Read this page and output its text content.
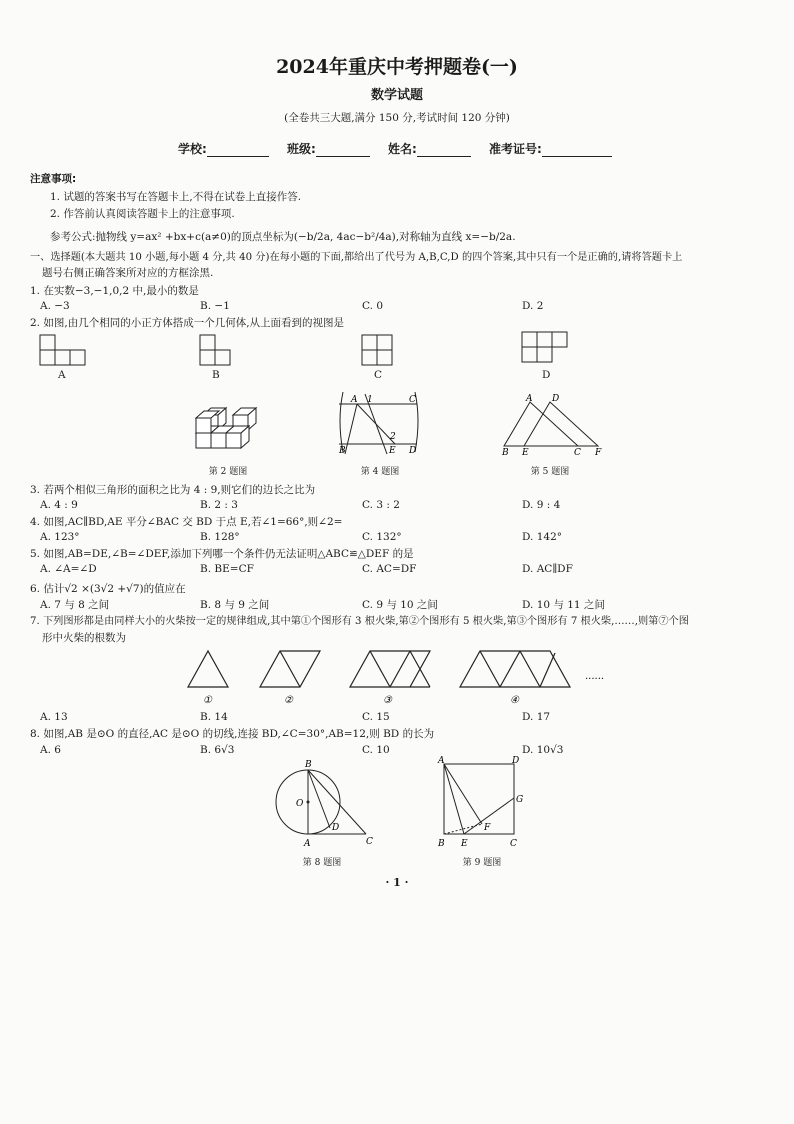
2024年重庆中考押题卷(一)
数学试题
(全卷共三大题,满分 150 分,考试时间 120 分钟)
学校:	班级:	姓名:	准考证号:
注意事项:
1. 试题的答案书写在答题卡上,不得在试卷上直接作答.
2. 作答前认真阅读答题卡上的注意事项.
参考公式:抛物线 y=ax² +bx+c(a≠0)的顶点坐标为(−b/2a, 4ac−b²/4a),对称轴为直线 x=−b/2a.
一、选择题(本大题共 10 小题,每小题 4 分,共 40 分)在每小题的下面,都给出了代号为 A,B,C,D 的四个答案,其中只有一个是正确的,请将答题卡上
题号右侧正确答案所对应的方框涂黑.
1. 在实数−3,−1,0,2 中,最小的数是
A. −3	B. −1	C. 0	D. 2
2. 如图,由几个相同的小正方体搭成一个几何体,从上面看到的视图是
A	B	C	D
第 2 题图
A 1	C
2
B	E D
第 4 题图
A D
B E	C F
第 5 题图
3. 若两个相似三角形的面积之比为 4 : 9,则它们的边长之比为
A. 4 : 9	B. 2 : 3	C. 3 : 2	D. 9 : 4
4. 如图,AC∥BD,AE 平分∠BAC 交 BD 于点 E,若∠1=66°,则∠2=
A. 123°	B. 128°	C. 132°	D. 142°
5. 如图,AB=DE,∠B=∠DEF,添加下列哪一个条件仍无法证明△ABC≌△DEF 的是
A. ∠A=∠D	B. BE=CF	C. AC=DF	D. AC∥DF
6. 估计√2 ×(3√2 +√7)的值应在
A. 7 与 8 之间	B. 8 与 9 之间	C. 9 与 10 之间	D. 10 与 11 之间
7. 下列图形都是由同样大小的火柴按一定的规律组成,其中第①个图形有 3 根火柴,第②个图形有 5 根火柴,第③个图形有 7 根火柴,……,则第⑦个图
形中火柴的根数为
①	②	③	④
......
A. 13	B. 14	C. 15	D. 17
8. 如图,AB 是⊙O 的直径,AC 是⊙O 的切线,连接 BD,∠C=30°,AB=12,则 BD 的长为
A. 6	B. 6√3	C. 10	D. 10√3
B
O
D
A	C
第 8 题图
A	D
G
F
B E	C
第 9 题图
· 1 ·
